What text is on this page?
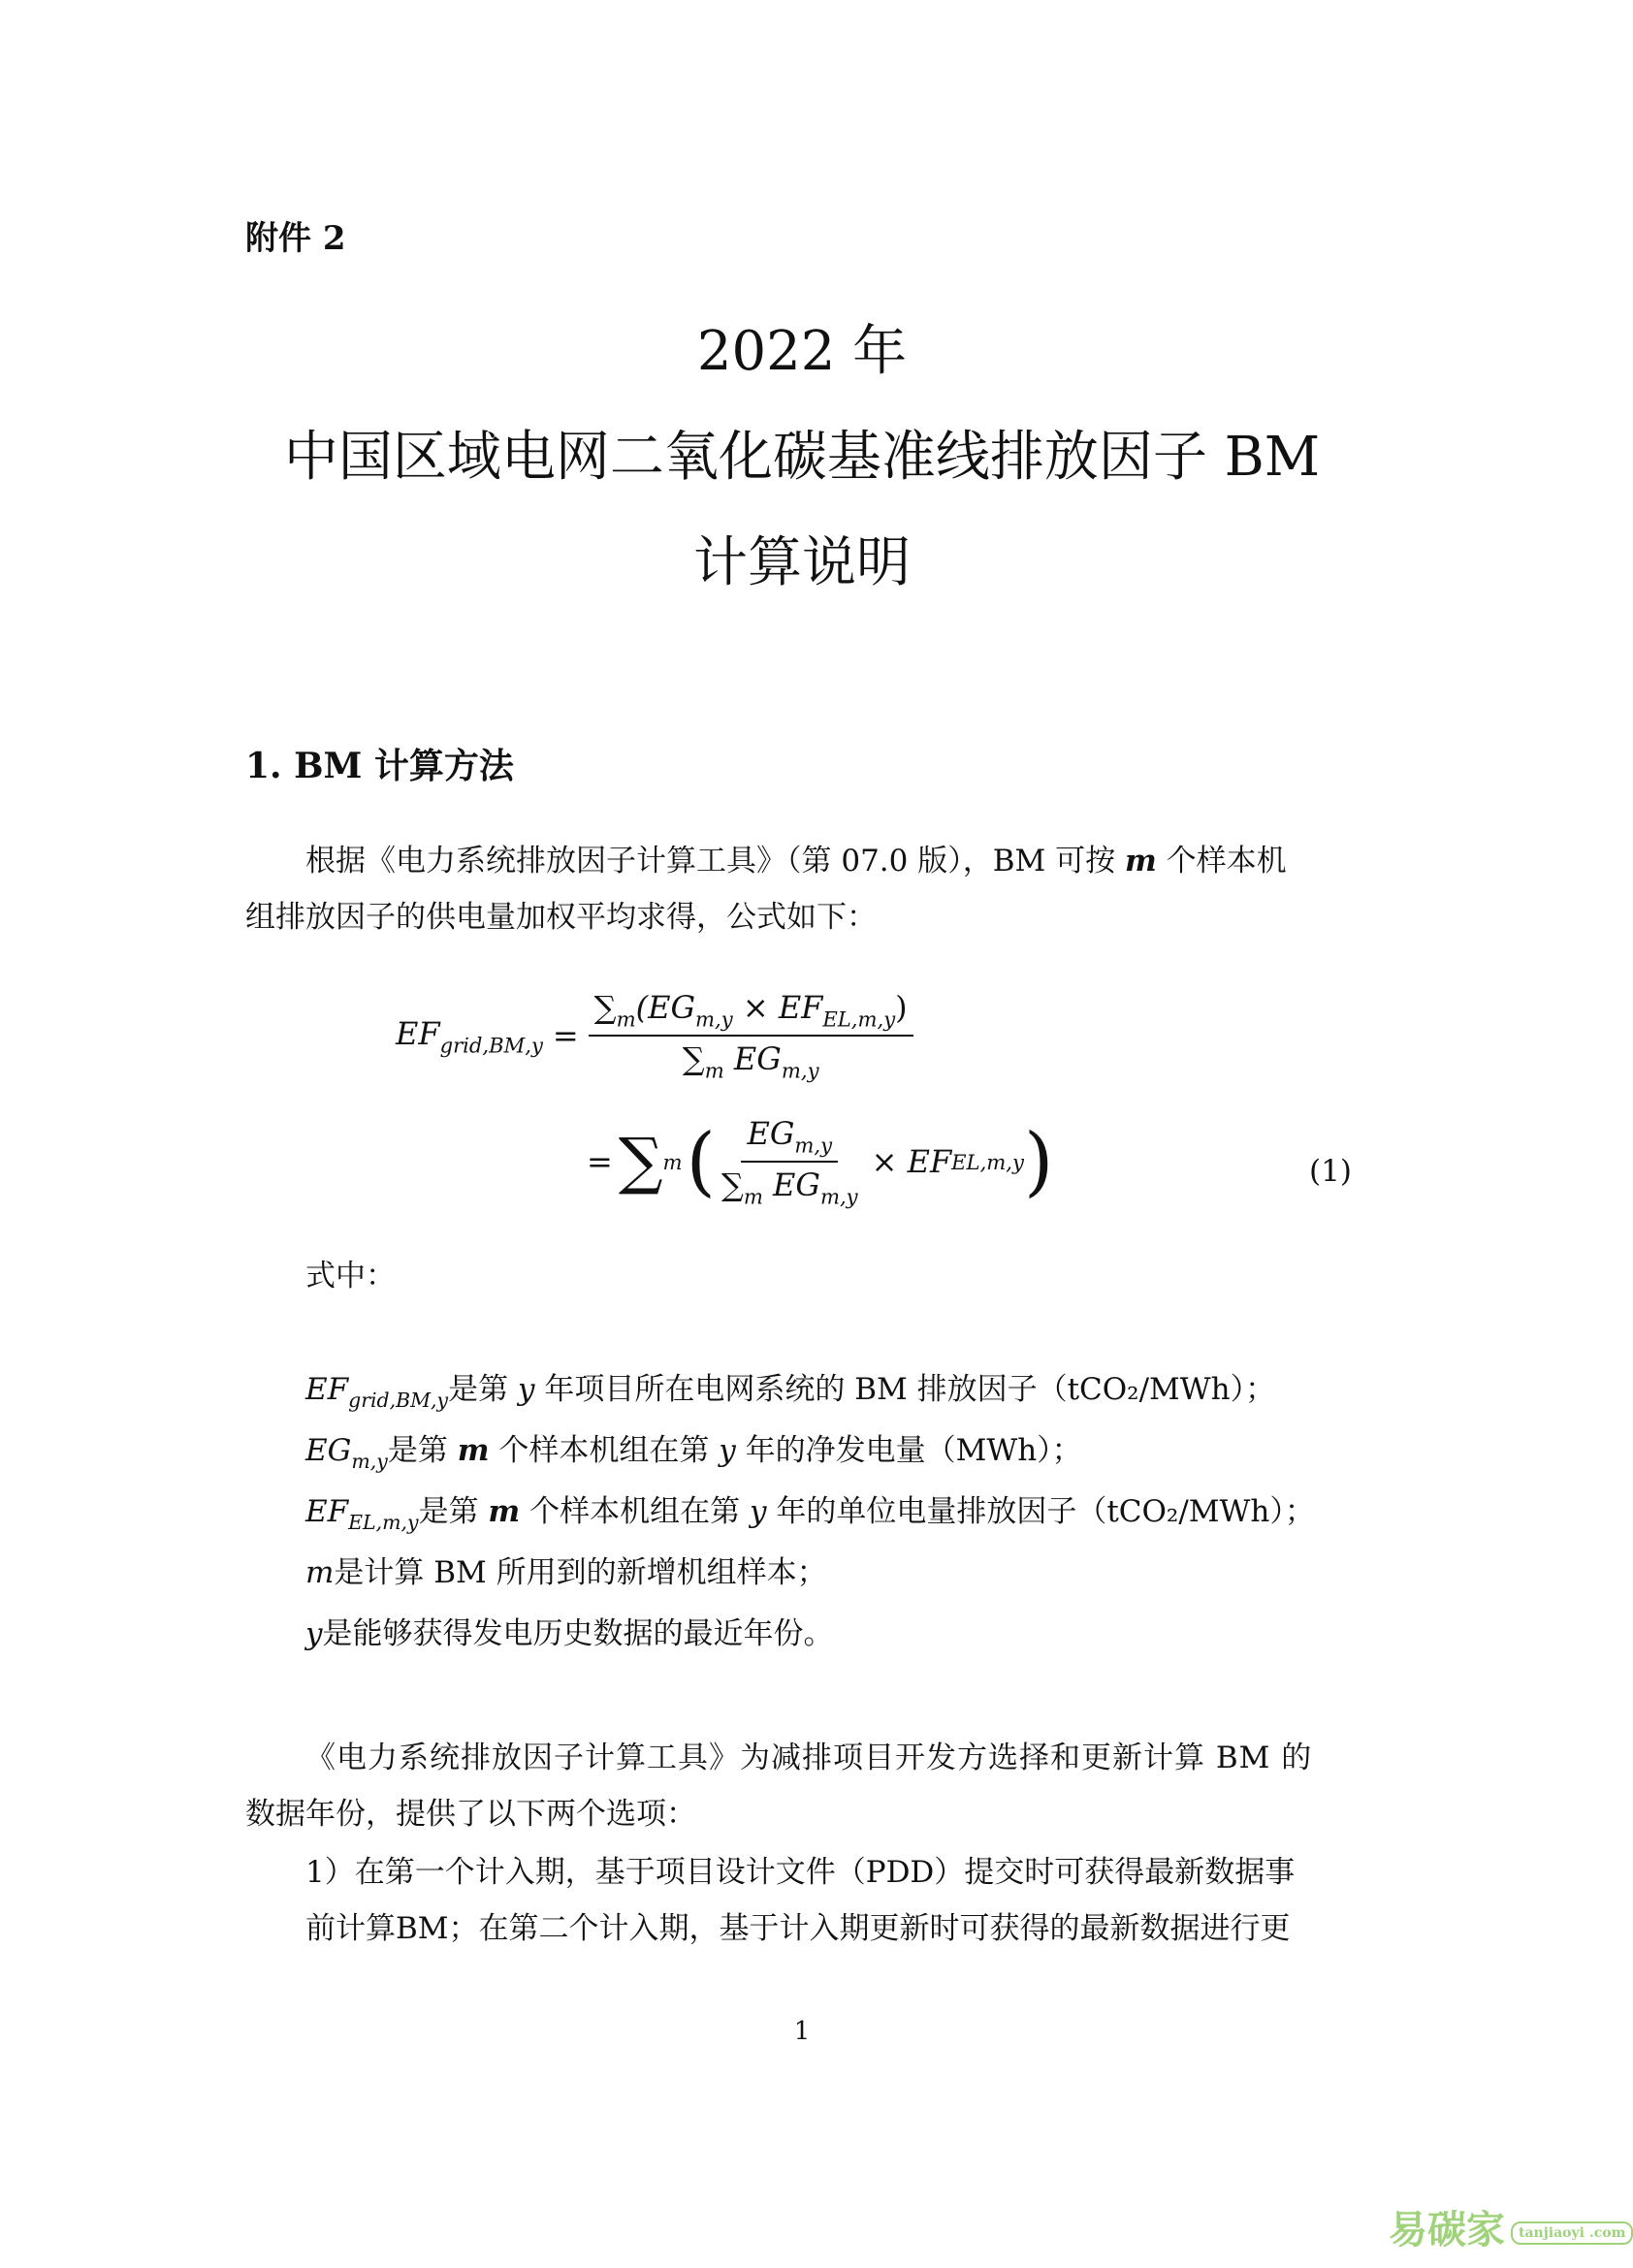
附件 2
2022 年
中国区域电网二氧化碳基准线排放因子 BM
计算说明
1. BM 计算方法
根据《电力系统排放因子计算工具》（第 07.0 版），BM 可按 m 个样本机
组排放因子的供电量加权平均求得，公式如下：
$EF_{grid,BM,y} = \frac{\sum_m(EG_{m,y} \times EF_{EL,m,y})}{\sum_m EG_{m,y}}$
= ∑ m ( $\frac{EG_{m,y}}{\sum_m EG_{m,y}}$ × EF EL,m,y )	(1)
式中：
$EF_{grid,BM,y}$是第 y 年项目所在电网系统的 BM 排放因子（tCO₂/MWh）；
$EG_{m,y}$是第 m 个样本机组在第 y 年的净发电量（MWh）；
$EF_{EL,m,y}$是第 m 个样本机组在第 y 年的单位电量排放因子（tCO₂/MWh）；
m是计算 BM 所用到的新增机组样本；
y是能够获得发电历史数据的最近年份。
《电力系统排放因子计算工具》为减排项目开发方选择和更新计算 BM 的
数据年份，提供了以下两个选项：
1）在第一个计入期，基于项目设计文件（PDD）提交时可获得最新数据事
前计算BM；在第二个计入期，基于计入期更新时可获得的最新数据进行更
1
易碳家 tanjiaoyi .com
